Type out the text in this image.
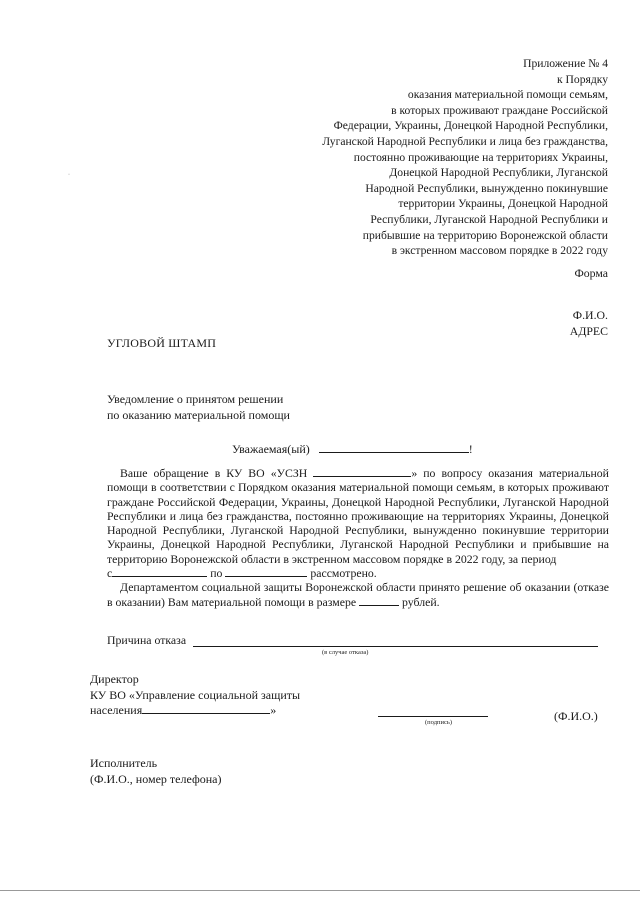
·
Приложение № 4
к Порядку
оказания материальной помощи семьям,
в которых проживают граждане Российской
Федерации, Украины, Донецкой Народной Республики,
Луганской Народной Республики и лица без гражданства,
постоянно проживающие на территориях Украины,
Донецкой Народной Республики, Луганской
Народной Республики, вынужденно покинувшие
территории Украины, Донецкой Народной
Республики, Луганской Народной Республики и
прибывшие на территорию Воронежской области
в экстренном массовом порядке в 2022 году
Форма
Ф.И.О.
АДРЕС
УГЛОВОЙ ШТАМП
Уведомление о принятом решении
по оказанию материальной помощи
Уважаемая(ый)	!

Ваше обращение в КУ ВО «УСЗН	» по вопросу оказания материальной помощи в соответствии с Порядком оказания материальной помощи семьям, в которых проживают граждане Российской Федерации, Украины, Донецкой Народной Республики, Луганской Народной Республики и лица без гражданства, постоянно проживающие на территориях Украины, Донецкой Народной Республики, Луганской Народной Республики, вынужденно покинувшие территории Украины, Донецкой Народной Республики, Луганской Народной Республики и прибывшие на территорию Воронежской области в экстренном массовом порядке в 2022 году, за период
с	по	рассмотрено.

Департаментом социальной защиты Воронежской области принято решение об оказании (отказе в оказании) Вам материальной помощи в размере	рублей.

Причина отказа
(в случае отказа)
Директор
КУ ВО «Управление социальной защиты
населения	»
(подпись)	(Ф.И.О.)
Исполнитель
(Ф.И.О., номер телефона)
